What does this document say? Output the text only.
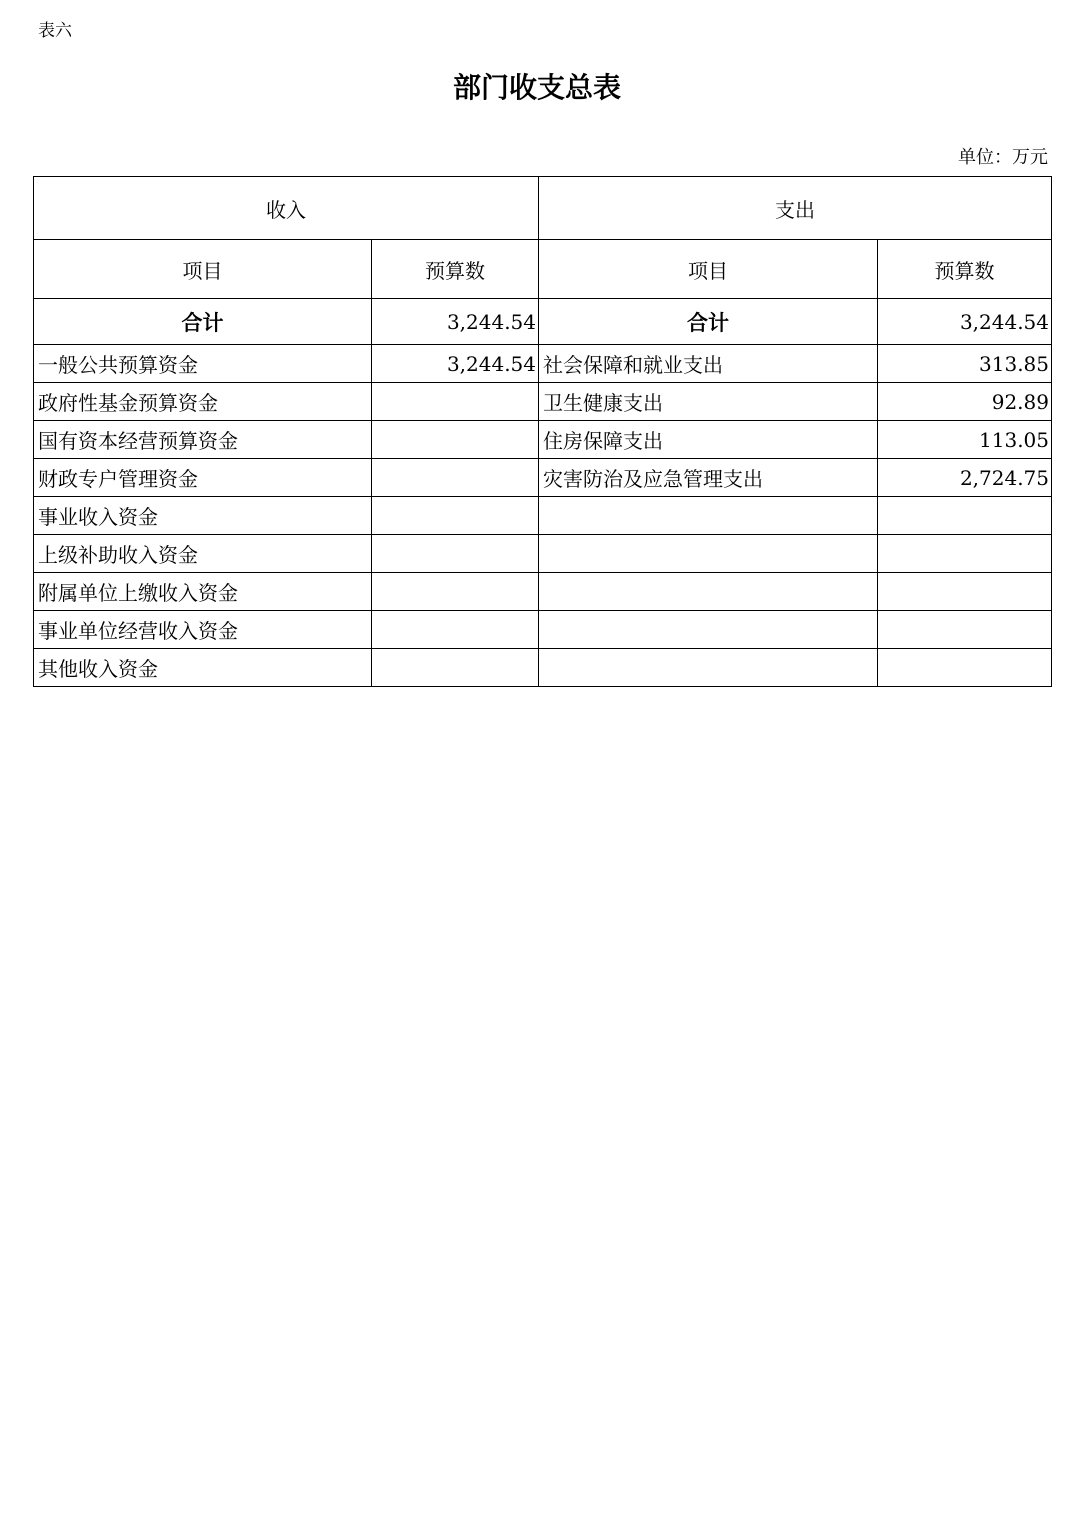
表六
部门收支总表
单位：万元
收入		支出	
项目	预算数	项目	预算数
合计	3,244.54	合计	3,244.54
一般公共预算资金	3,244.54	社会保障和就业支出	313.85
政府性基金预算资金		卫生健康支出	92.89
国有资本经营预算资金		住房保障支出	113.05
财政专户管理资金		灾害防治及应急管理支出	2,724.75
事业收入资金			
上级补助收入资金			
附属单位上缴收入资金			
事业单位经营收入资金			
其他收入资金			
